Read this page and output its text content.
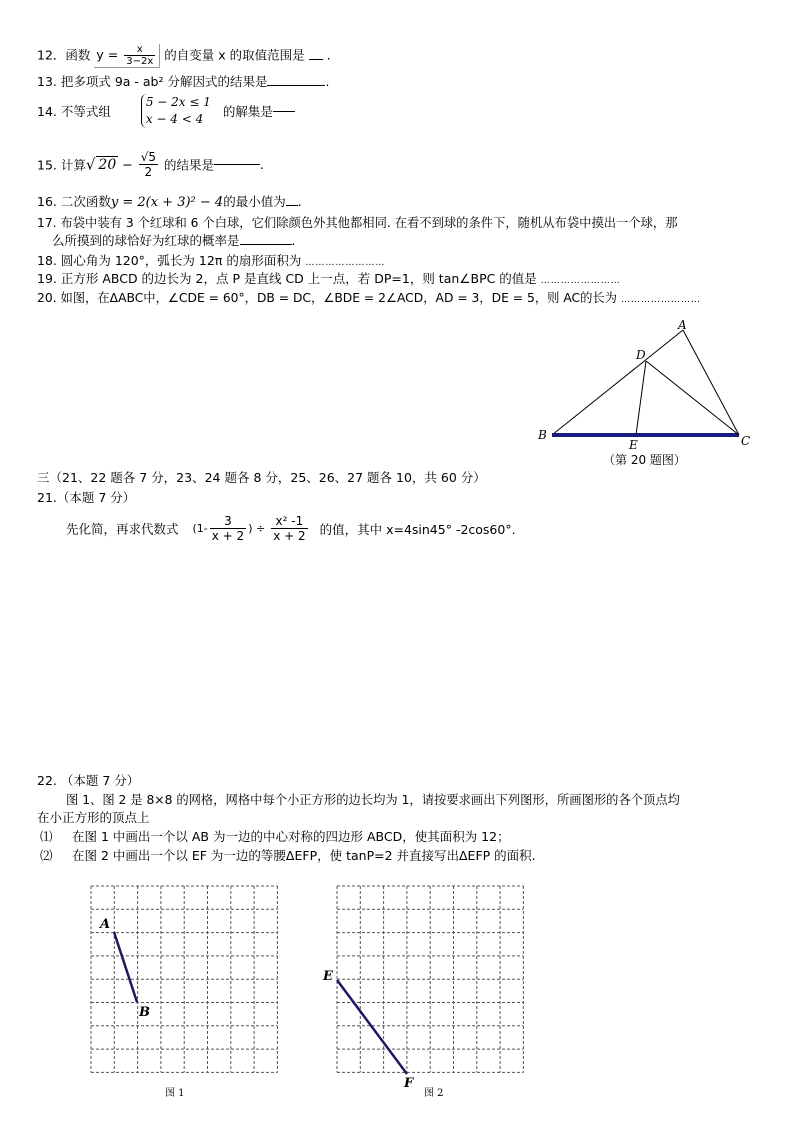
12．函数 $y = \frac{x}{3-2x}$ 的自变量 x 的取值范围是 .
13. 把多项式 9a - ab² 分解因式的结果是	.
14. 不等式组
5 − 2x ≤ 1
x − 4 < 4	的解集是
15. 计算√ $20 - \frac{√5}{2}$ 的结果是	.
16. 二次函数y = 2(x + 3)² − 4的最小值为 .
17. 布袋中装有 3 个红球和 6 个白球，它们除颜色外其他都相同. 在看不到球的条件下，随机从布袋中摸出一个球，那
么所摸到的球恰好为红球的概率是	.
18. 圆心角为 120°，弧长为 12π 的扇形面积为 ……………………
19. 正方形 ABCD 的边长为 2，点 P 是直线 CD 上一点，若 DP=1，则 tan∠BPC 的值是 ……………………
20. 如图，在ΔABC中，∠CDE = 60°，DB = DC，∠BDE = 2∠ACD，AD = 3，DE = 5，则 AC的长为 ……………………
A
B	C
D
E
（第 20 题图）
三（21、22 题各 7 分，23、24 题各 8 分，25、26、27 题各 10，共 60 分）
21.（本题 7 分）
先化简，再求代数式 ($1- \frac{3}{x + 2}$ ) ÷ $\frac{\text{x² -1}}{x + 2}$ 的值，其中 x=4sin45° -2cos60°.
22. （本题 7 分）
图 1、图 2 是 8×8 的网格，网格中每个小正方形的边长均为 1，请按要求画出下列图形，所画图形的各个顶点均
在小正方形的顶点上
⑴ 在图 1 中画出一个以 AB 为一边的中心对称的四边形 ABCD，使其面积为 12；
⑵ 在图 2 中画出一个以 EF 为一边的等腰ΔEFP，使 tanP=2 并直接写出ΔEFP 的面积.
A
B
图 1
E
F
图 2
